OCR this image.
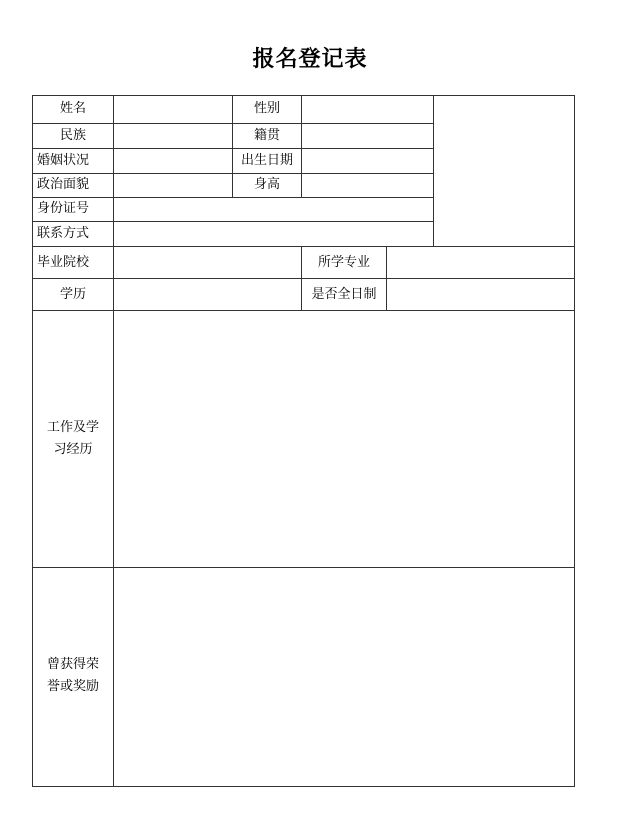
报名登记表
姓名	性别
民族	籍贯
婚姻状况	出生日期
政治面貌	身高
身份证号
联系方式
毕业院校	所学专业
学历	是否全日制
工作及学
习经历
曾获得荣
誉或奖励
